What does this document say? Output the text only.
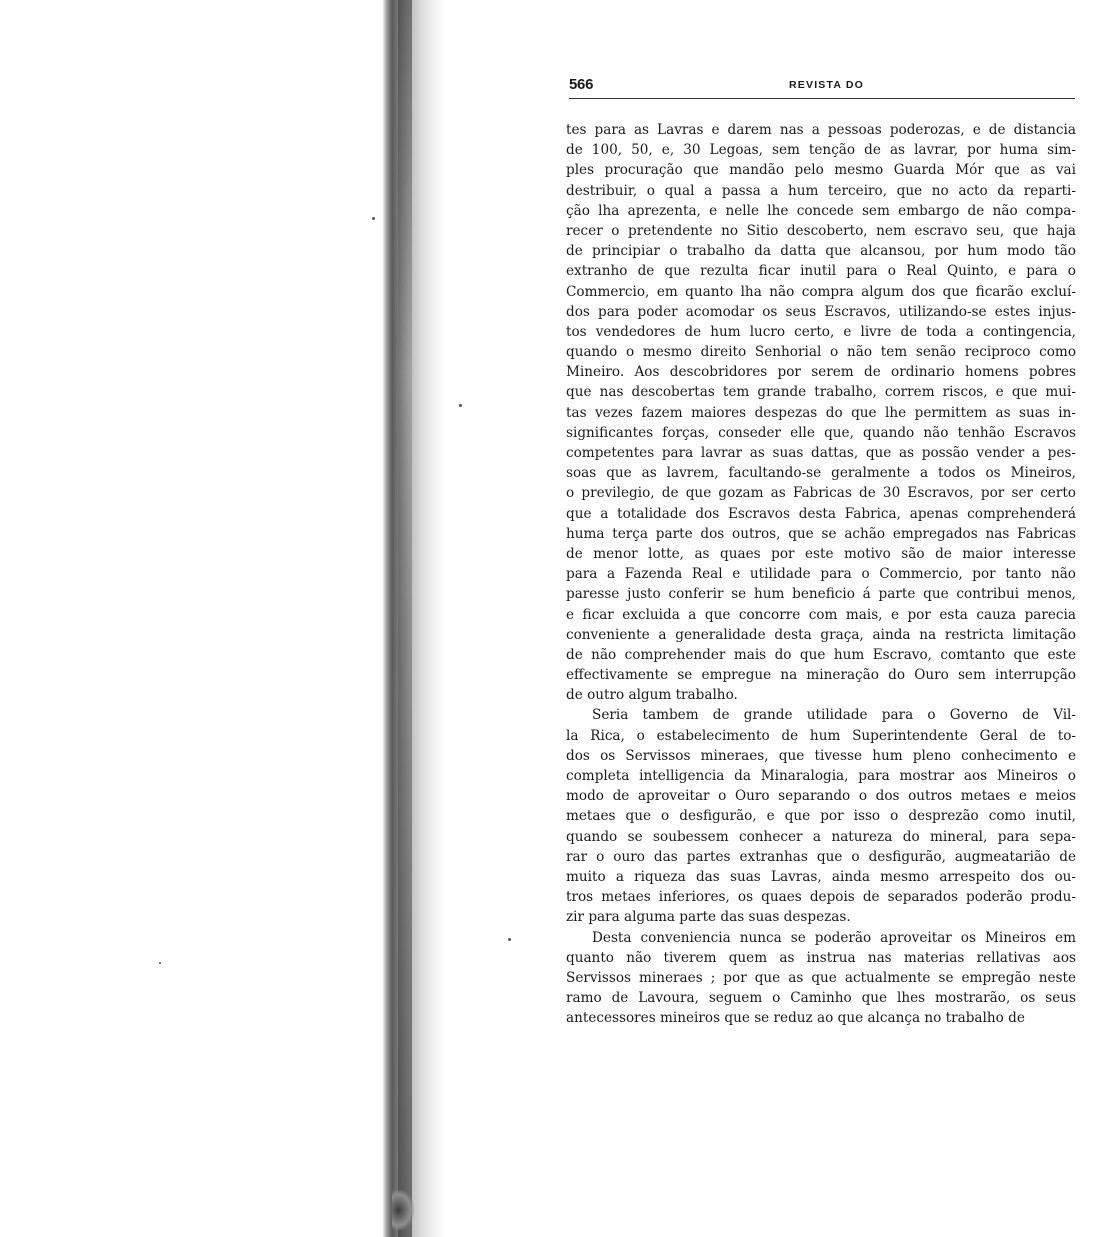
566	REVISTA DO
tes para as Lavras e darem nas a pessoas poderozas, e de distancia
de 100, 50, e, 30 Legoas, sem tenção de as lavrar, por huma sim-
ples procuração que mandão pelo mesmo Guarda Mór que as vai
destribuir, o qual a passa a hum terceiro, que no acto da reparti-
ção lha aprezenta, e nelle lhe concede sem embargo de não compa-
recer o pretendente no Sitio descoberto, nem escravo seu, que haja
de principiar o trabalho da datta que alcansou, por hum modo tão
extranho de que rezulta ficar inutil para o Real Quinto, e para o
Commercio, em quanto lha não compra algum dos que ficarão excluí-
dos para poder acomodar os seus Escravos, utilizando-se estes injus-
tos vendedores de hum lucro certo, e livre de toda a contingencia,
quando o mesmo direito Senhorial o não tem senão reciproco como
Mineiro. Aos descobridores por serem de ordinario homens pobres
que nas descobertas tem grande trabalho, correm riscos, e que mui-
tas vezes fazem maiores despezas do que lhe permittem as suas in-
significantes forças, conseder elle que, quando não tenhão Escravos
competentes para lavrar as suas dattas, que as possão vender a pes-
soas que as lavrem, facultando-se geralmente a todos os Mineiros,
o previlegio, de que gozam as Fabricas de 30 Escravos, por ser certo
que a totalidade dos Escravos desta Fabrica, apenas comprehenderá
huma terça parte dos outros, que se achão empregados nas Fabricas
de menor lotte, as quaes por este motivo são de maior interesse
para a Fazenda Real e utilidade para o Commercio, por tanto não
paresse justo conferir se hum beneficio á parte que contribui menos,
e ficar excluida a que concorre com mais, e por esta cauza parecia
conveniente a generalidade desta graça, ainda na restricta limitação
de não comprehender mais do que hum Escravo, comtanto que este
effectivamente se empregue na mineração do Ouro sem interrupção
de outro algum trabalho.
Seria tambem de grande utilidade para o Governo de Vil-
la Rica, o estabelecimento de hum Superintendente Geral de to-
dos os Servissos mineraes, que tivesse hum pleno conhecimento e
completa intelligencia da Minaralogia, para mostrar aos Mineiros o
modo de aproveitar o Ouro separando o dos outros metaes e meios
metaes que o desfigurão, e que por isso o desprezão como inutil,
quando se soubessem conhecer a natureza do mineral, para sepa-
rar o ouro das partes extranhas que o desfigurão, augmeatarião de
muito a riqueza das suas Lavras, ainda mesmo arrespeito dos ou-
tros metaes inferiores, os quaes depois de separados poderão produ-
zir para alguma parte das suas despezas.
Desta conveniencia nunca se poderão aproveitar os Mineiros em
quanto não tiverem quem as instrua nas materias rellativas aos
Servissos mineraes ; por que as que actualmente se empregão neste
ramo de Lavoura, seguem o Caminho que lhes mostrarão, os seus
antecessores mineiros que se reduz ao que alcança no trabalho de
